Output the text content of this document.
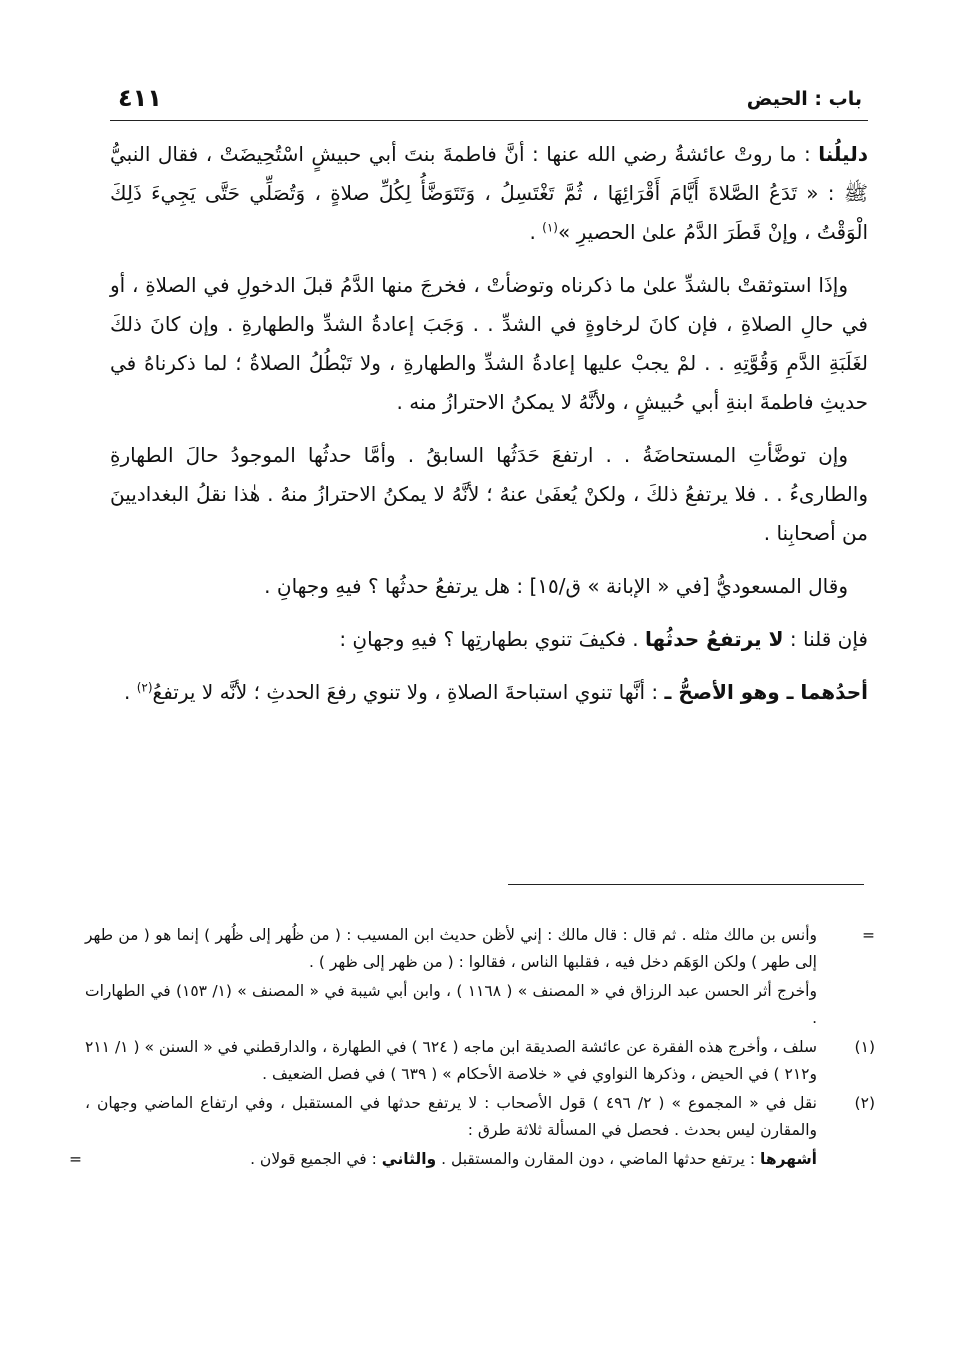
٤١١	باب : الحيض

دليلُنا : ما روتْ عائشةُ رضي الله عنها : أنَّ فاطمةَ بنتَ أبي حبيشٍ اسْتُحِيضَتْ ، فقال النبيُّ ﷺ : « تَدَعُ الصَّلاةَ أَيَّامَ أَقْرَائِهَا ، ثُمَّ تَغْتَسِلُ ، وَتَتَوَضَّأُ لِكُلِّ صلاةٍ ، وَتُصَلِّي حَتَّى يَجِيءَ ذَلِكَ الْوَقْتُ ، وإنْ قَطَرَ الدَّمُ علىٰ الحصيرِ »$^{(١)}$ .

وإذَا استوثقتْ بالشدِّ علىٰ ما ذكرناه وتوضأتْ ، فخرجَ منها الدَّمُ قبلَ الدخولِ في الصلاةِ ، أو في حالِ الصلاةِ ، فإن كانَ لرخاوةٍ في الشدِّ . . وَجَبَ إعادةُ الشدِّ والطهارةِ . وإن كانَ ذلكَ لغَلَبَةِ الدَّمِ وَقُوَّتِهِ . . لمْ يجبْ عليها إعادةُ الشدِّ والطهارةِ ، ولا تَبْطُلُ الصلاةُ ؛ لما ذكرناهُ في حديثِ فاطمةَ ابنةِ أبي حُبيشٍ ، ولأنَّهُ لا يمكنُ الاحترازُ منه .

وإن توضَّأتِ المستحاضَةُ . . ارتفعَ حَدَثُها السابقُ . وأمَّا حدثُها الموجودُ حالَ الطهارةِ والطارىءُ . . فلا يرتفعُ ذلكَ ، ولكنْ يُعفَىٰ عنهُ ؛ لأنَّهُ لا يمكنُ الاحترازُ منهُ . هٰذا نقلُ البغداديينَ من أصحابِنا .

وقال المسعوديُّ [في « الإبانة » ق/١٥] : هل يرتفعُ حدثُها ؟ فيهِ وجهانِ .

فإن قلنا : لا يرتفعُ حدثُها . فكيفَ تنوي بطهارتِها ؟ فيهِ وجهانِ :

أحدُهما ـ وهو الأصحُّ ـ : أنَّها تنوي استباحةَ الصلاةِ ، ولا تنوي رفعَ الحدثِ ؛ لأنَّه لا يرتفعُ$^{(٢)}$ .

=
وأنس بن مالك مثله . ثم قال : قال مالك : إني لأظن حديث ابن المسيب : ( من ظُهر إلى ظُهر ) إنما هو ( من طهر إلى طهر ) ولكن الوَهَم دخل فيه ، فقلبها الناس ، فقالوا : ( من ظهر إلى ظهر ) .
وأخرج أثر الحسن عبد الرزاق في « المصنف » ( ١١٦٨ ) ، وابن أبي شيبة في « المصنف » (١/ ١٥٣) في الطهارات .
(١)
سلف ، وأخرج هذه الفقرة عن عائشة الصديقة ابن ماجه ( ٦٢٤ ) في الطهارة ، والدارقطني في « السنن » ( ١/ ٢١١ و٢١٢ ) في الحيض ، وذكرها النواوي في « خلاصة الأحكام » ( ٦٣٩ ) في فصل الضعيف .
(٢)
نقل في « المجموع » ( ٢/ ٤٩٦ ) قول الأصحاب : لا يرتفع حدثها في المستقبل ، وفي ارتفاع الماضي وجهان ، والمقارن ليس بحدث . فحصل في المسألة ثلاثة طرق :
أشهرها : يرتفع حدثها الماضي ، دون المقارن والمستقبل . والثاني : في الجميع قولان .
=
